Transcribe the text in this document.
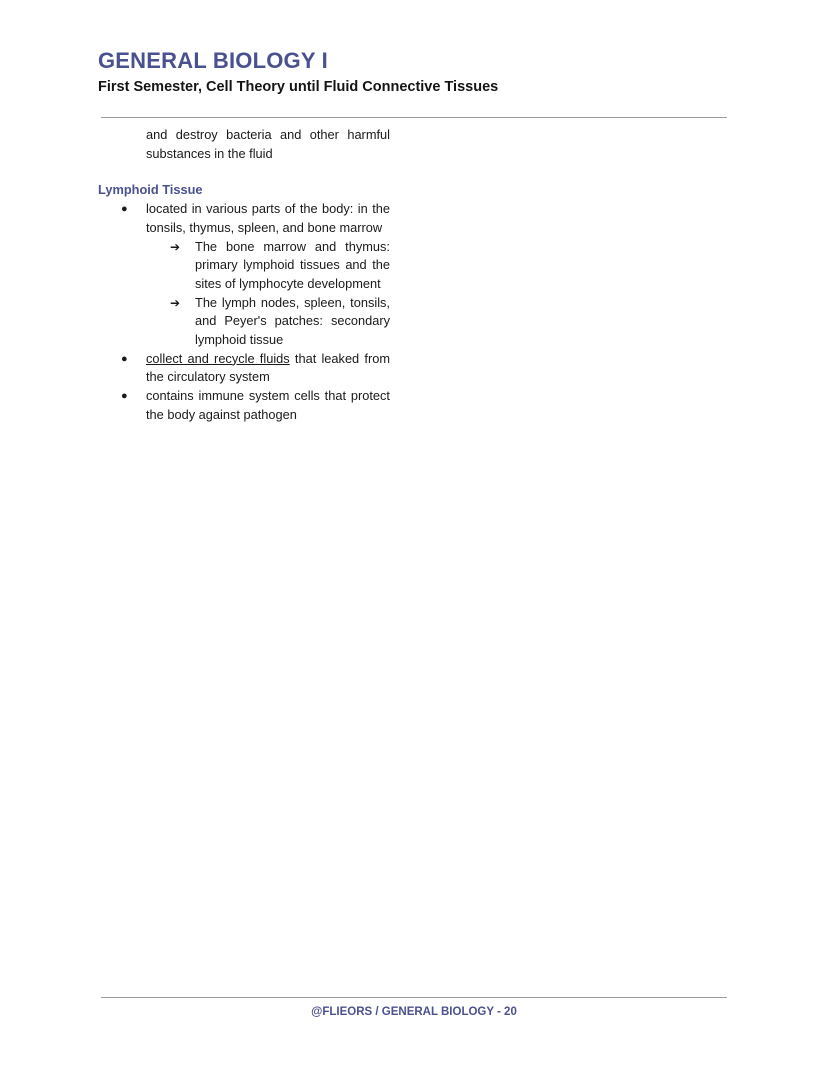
GENERAL BIOLOGY I
First Semester, Cell Theory until Fluid Connective Tissues
and destroy bacteria and other harmful substances in the fluid
Lymphoid Tissue
● located in various parts of the body: in the tonsils, thymus, spleen, and bone marrow
➔ The bone marrow and thymus: primary lymphoid tissues and the sites of lymphocyte development
➔ The lymph nodes, spleen, tonsils, and Peyer's patches: secondary lymphoid tissue
● collect and recycle fluids that leaked from the circulatory system
● contains immune system cells that protect the body against pathogen
@FLIEORS / GENERAL BIOLOGY - 20
